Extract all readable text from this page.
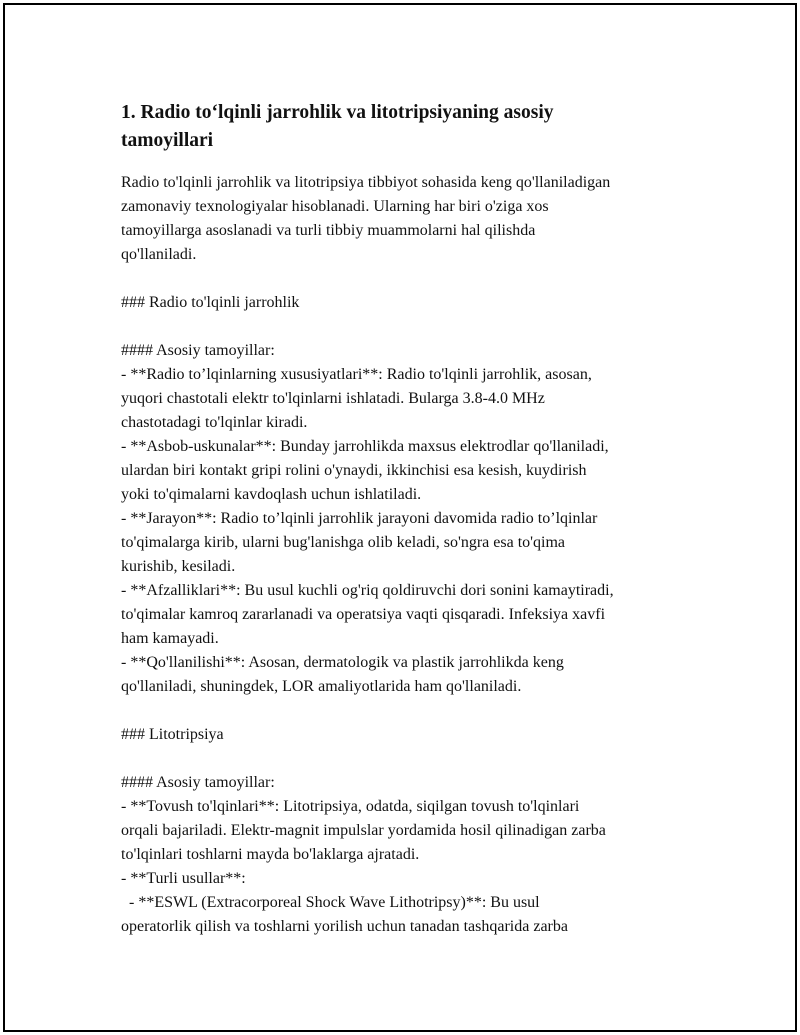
1. Radio to‘lqinli jarrohlik va litotripsiyaning asosiy
tamoyillari
Radio to'lqinli jarrohlik va litotripsiya tibbiyot sohasida keng qo'llaniladigan
zamonaviy texnologiyalar hisoblanadi. Ularning har biri o'ziga xos
tamoyillarga asoslanadi va turli tibbiy muammolarni hal qilishda
qo'llaniladi.
### Radio to'lqinli jarrohlik
#### Asosiy tamoyillar:
- **Radio to’lqinlarning xususiyatlari**: Radio to'lqinli jarrohlik, asosan,
yuqori chastotali elektr to'lqinlarni ishlatadi. Bularga 3.8-4.0 MHz
chastotadagi to'lqinlar kiradi.
- **Asbob-uskunalar**: Bunday jarrohlikda maxsus elektrodlar qo'llaniladi,
ulardan biri kontakt gripi rolini o'ynaydi, ikkinchisi esa kesish, kuydirish
yoki to'qimalarni kavdoqlash uchun ishlatiladi.
- **Jarayon**: Radio to’lqinli jarrohlik jarayoni davomida radio to’lqinlar
to'qimalarga kirib, ularni bug'lanishga olib keladi, so'ngra esa to'qima
kurishib, kesiladi.
- **Afzalliklari**: Bu usul kuchli og'riq qoldiruvchi dori sonini kamaytiradi,
to'qimalar kamroq zararlanadi va operatsiya vaqti qisqaradi. Infeksiya xavfi
ham kamayadi.
- **Qo'llanilishi**: Asosan, dermatologik va plastik jarrohlikda keng
qo'llaniladi, shuningdek, LOR amaliyotlarida ham qo'llaniladi.
### Litotripsiya
#### Asosiy tamoyillar:
- **Tovush to'lqinlari**: Litotripsiya, odatda, siqilgan tovush to'lqinlari
orqali bajariladi. Elektr-magnit impulslar yordamida hosil qilinadigan zarba
to'lqinlari toshlarni mayda bo'laklarga ajratadi.
- **Turli usullar**:
- **ESWL (Extracorporeal Shock Wave Lithotripsy)**: Bu usul
operatorlik qilish va toshlarni yorilish uchun tanadan tashqarida zarba
